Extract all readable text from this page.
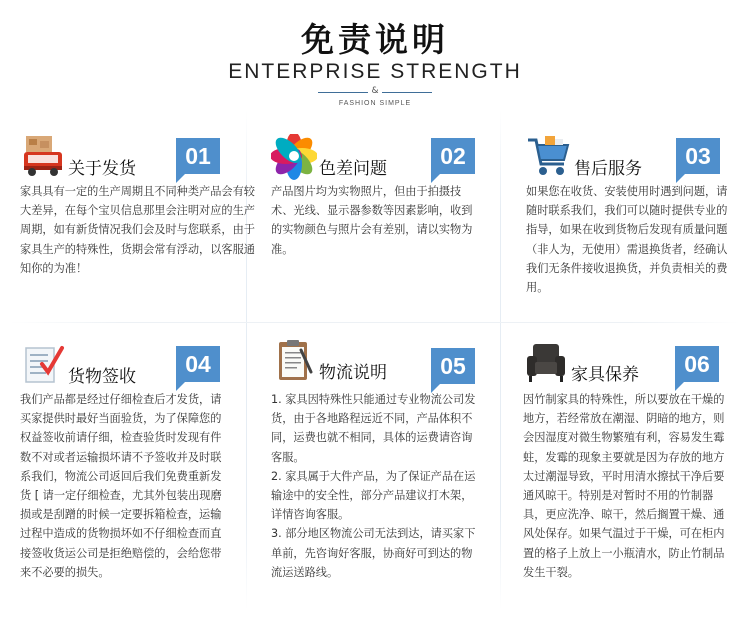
免责说明
ENTERPRISE STRENGTH
&
FASHION SIMPLE
关于发货	01

家具具有一定的生产周期且不同种类产品会有较大差异，在每个宝贝信息那里会注明对应的生产周期，如有新货情况我们会及时与您联系，由于家具生产的特殊性，货期会常有浮动，以客服通知你的为准！

色差问题	02

产品图片均为实物照片，但由于拍摄技术、光线、显示器参数等因素影响，收到的实物颜色与照片会有差别，请以实物为准。

售后服务	03

如果您在收货、安装使用时遇到问题，请随时联系我们，我们可以随时提供专业的指导，如果在收到货物后发现有质量问题（非人为，无使用）需退换货者，经确认我们无条件接收退换货，并负责相关的费用。

货物签收	04

我们产品都是经过仔细检查后才发货，请买家提供时最好当面验货，为了保障您的权益签收前请仔细，检查验货时发现有件数不对或者运输损坏请不予签收并及时联系我们，物流公司返回后我们免费重新发货 [ 请一定仔细检查，尤其外包装出现磨损或是刮蹭的时候一定要拆箱检查，运输过程中造成的货物损坏如不仔细检查而直接签收货运公司是拒绝赔偿的，会给您带来不必要的损失。

物流说明	05

1. 家具因特殊性只能通过专业物流公司发货，由于各地路程远近不同，产品体积不同，运费也就不相同，具体的运费请咨询客服。

2. 家具属于大件产品，为了保证产品在运输途中的安全性，部分产品建议打木架，详情咨询客服。

3. 部分地区物流公司无法到达，请买家下单前，先咨询好客服，协商好可到达的物流运送路线。

家具保养	06

因竹制家具的特殊性，所以要放在干燥的地方，若经常放在潮湿、阴暗的地方，则会因湿度对微生物繁殖有利，容易发生霉蛀，发霉的现象主要就是因为存放的地方太过潮湿导致，平时用清水擦拭干净后要通风晾干。特别是对暂时不用的竹制器具，更应洗净、晾干，然后搁置干燥、通风处保存。如果气温过于干燥，可在柜内置的格子上放上一小瓶清水，防止竹制品发生干裂。
